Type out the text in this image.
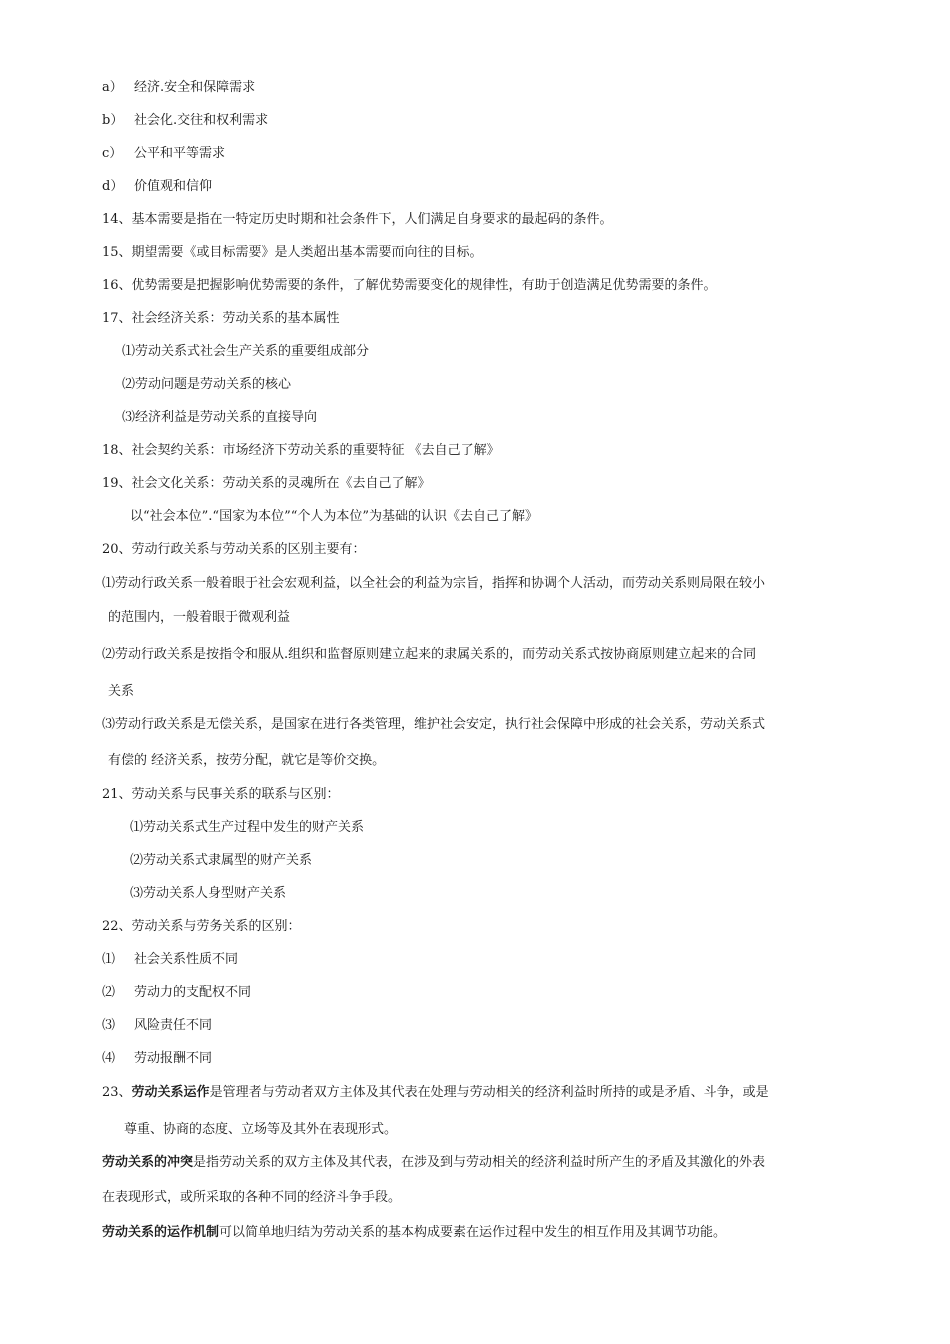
a） 经济.安全和保障需求
b） 社会化.交往和权利需求
c） 公平和平等需求
d） 价值观和信仰
14、基本需要是指在一特定历史时期和社会条件下，人们满足自身要求的最起码的条件。
15、期望需要《或目标需要》是人类超出基本需要而向往的目标。
16、优势需要是把握影响优势需要的条件，了解优势需要变化的规律性，有助于创造满足优势需要的条件。
17、社会经济关系：劳动关系的基本属性
⑴劳动关系式社会生产关系的重要组成部分
⑵劳动问题是劳动关系的核心
⑶经济利益是劳动关系的直接导向
18、社会契约关系：市场经济下劳动关系的重要特征 《去自己了解》
19、社会文化关系：劳动关系的灵魂所在《去自己了解》
以“社会本位”.“国家为本位”“个人为本位”为基础的认识《去自己了解》
20、劳动行政关系与劳动关系的区别主要有：
⑴劳动行政关系一般着眼于社会宏观利益，以全社会的利益为宗旨，指挥和协调个人活动，而劳动关系则局限在较小
的范围内，一般着眼于微观利益
⑵劳动行政关系是按指令和服从.组织和监督原则建立起来的隶属关系的，而劳动关系式按协商原则建立起来的合同
关系
⑶劳动行政关系是无偿关系，是国家在进行各类管理，维护社会安定，执行社会保障中形成的社会关系，劳动关系式
有偿的 经济关系，按劳分配，就它是等价交换。
21、劳动关系与民事关系的联系与区别：
⑴劳动关系式生产过程中发生的财产关系
⑵劳动关系式隶属型的财产关系
⑶劳动关系人身型财产关系
22、劳动关系与劳务关系的区别：
⑴ 社会关系性质不同
⑵ 劳动力的支配权不同
⑶ 风险责任不同
⑷ 劳动报酬不同
23、劳动关系运作是管理者与劳动者双方主体及其代表在处理与劳动相关的经济利益时所持的或是矛盾、斗争，或是
尊重、协商的态度、立场等及其外在表现形式。
劳动关系的冲突是指劳动关系的双方主体及其代表，在涉及到与劳动相关的经济利益时所产生的矛盾及其激化的外表
在表现形式，或所采取的各种不同的经济斗争手段。
劳动关系的运作机制可以简单地归结为劳动关系的基本构成要素在运作过程中发生的相互作用及其调节功能。
